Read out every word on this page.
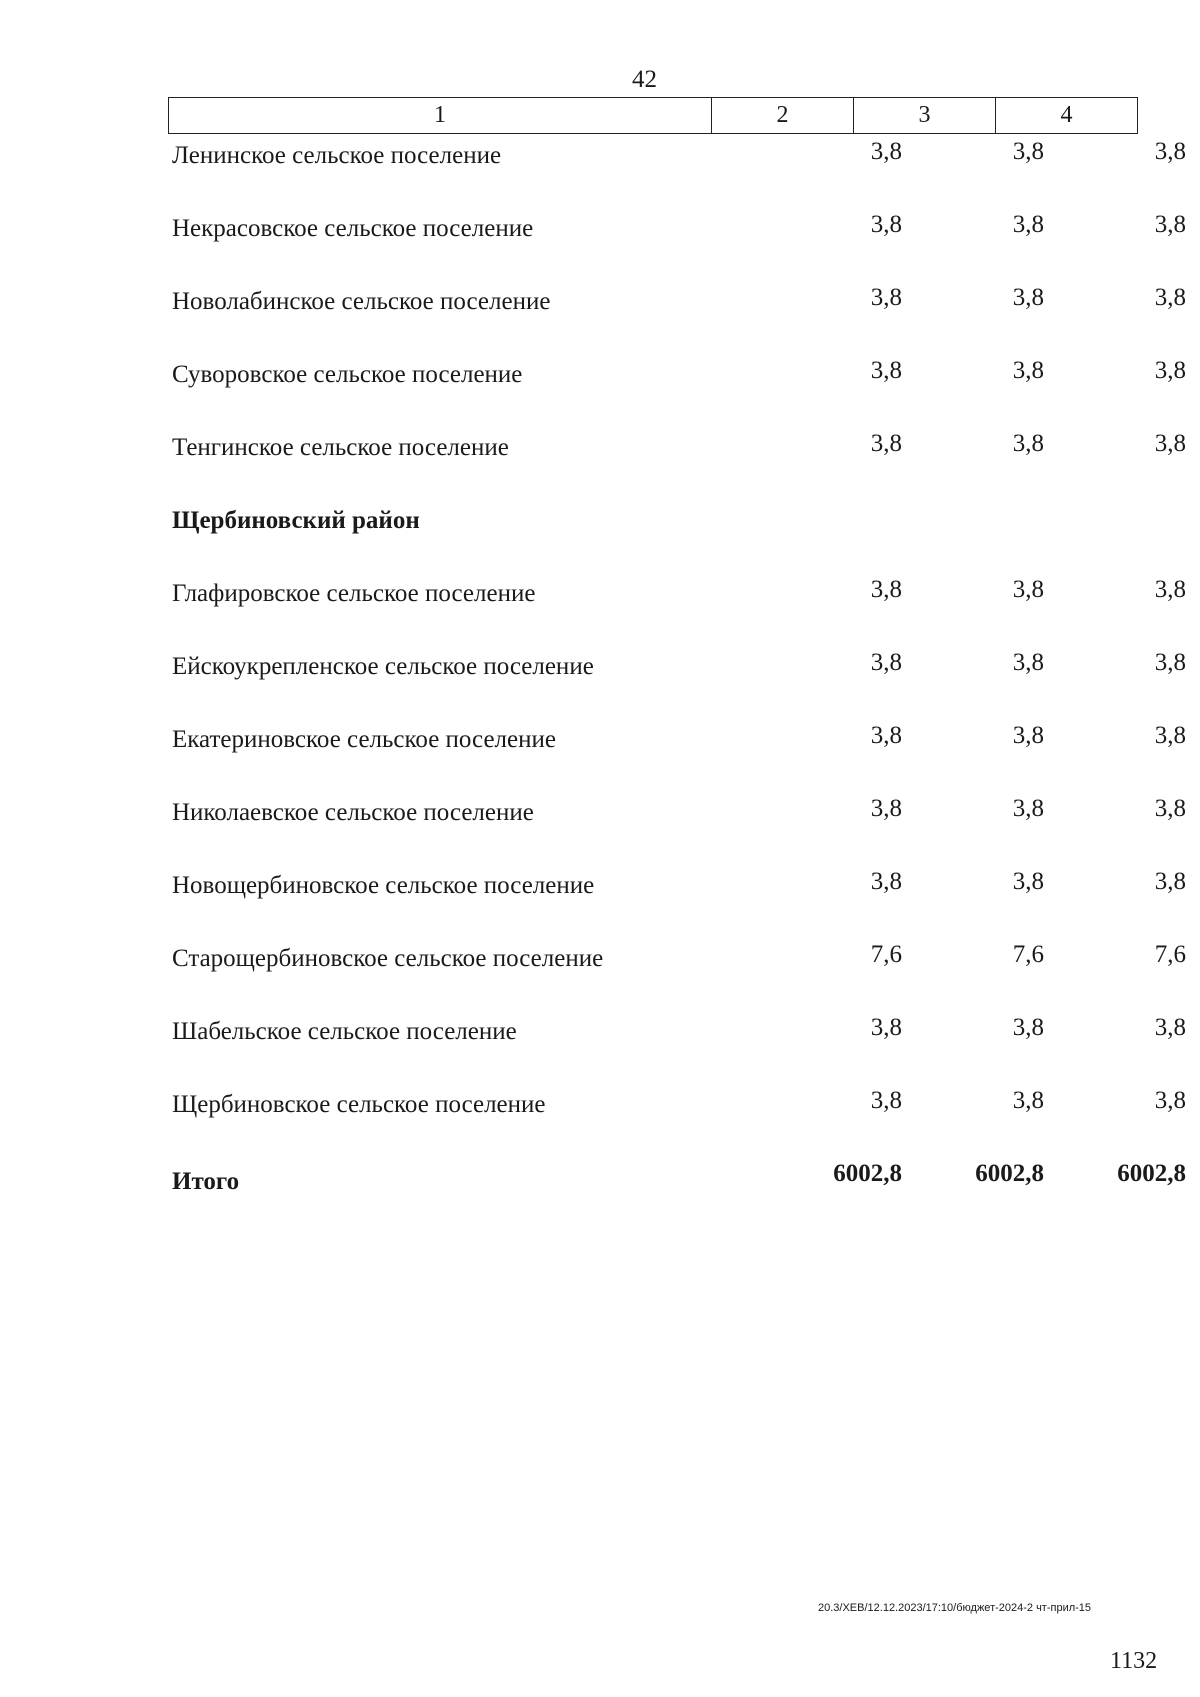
42
1	2	3	4
Ленинское сельское поселение	3,8	3,8	3,8
Некрасовское сельское поселение	3,8	3,8	3,8
Новолабинское сельское поселение	3,8	3,8	3,8
Суворовское сельское поселение	3,8	3,8	3,8
Тенгинское сельское поселение	3,8	3,8	3,8
Щербиновский район
Глафировское сельское поселение	3,8	3,8	3,8
Ейскоукрепленское сельское поселение	3,8	3,8	3,8
Екатериновское сельское поселение	3,8	3,8	3,8
Николаевское сельское поселение	3,8	3,8	3,8
Новощербиновское сельское поселение	3,8	3,8	3,8
Старощербиновское сельское поселение	7,6	7,6	7,6
Шабельское сельское поселение	3,8	3,8	3,8
Щербиновское сельское поселение	3,8	3,8	3,8
Итого	6002,8	6002,8	6002,8
20.3/ХЕВ/12.12.2023/17:10/бюджет-2024-2 чт-прил-15
1132
